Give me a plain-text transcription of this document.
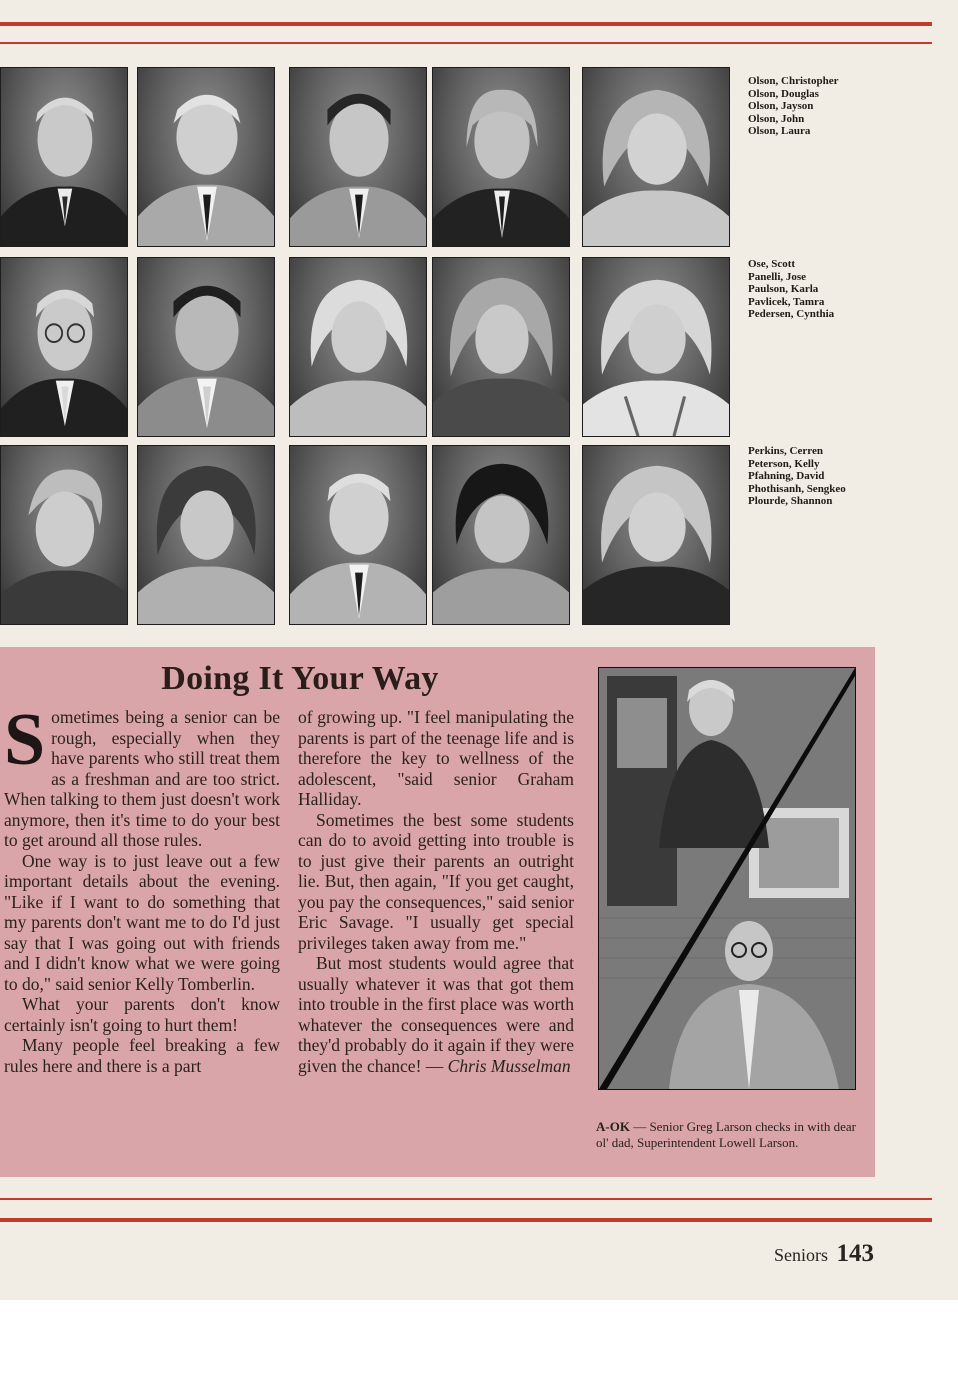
Olson, Christopher
Olson, Douglas
Olson, Jayson
Olson, John
Olson, Laura
Ose, Scott
Panelli, Jose
Paulson, Karla
Pavlicek, Tamra
Pedersen, Cynthia
Perkins, Cerren
Peterson, Kelly
Pfahning, David
Phothisanh, Sengkeo
Plourde, Shannon
Doing It Your Way

Sometimes being a senior can be rough, especially when they have parents who still treat them as a freshman and are too strict. When talking to them just doesn't work anymore, then it's time to do your best to get around all those rules.

One way is to just leave out a few important details about the evening. "Like if I want to do something that my parents don't want me to do I'd just say that I was going out with friends and I didn't know what we were going to do," said senior Kelly Tomberlin.

What your parents don't know certainly isn't going to hurt them!

Many people feel breaking a few rules here and there is a part

of growing up. "I feel manipulating the parents is part of the teenage life and is therefore the key to wellness of the adolescent, "said senior Graham Halliday.

Sometimes the best some students can do to avoid getting into trouble is to just give their parents an outright lie. But, then again, "If you get caught, you pay the consequences," said senior Eric Savage. "I usually get special privileges taken away from me."

But most students would agree that usually whatever it was that got them into trouble in the first place was worth whatever the consequences were and they'd probably do it again if they were given the chance! — Chris Musselman

A-OK — Senior Greg Larson checks in with dear ol' dad, Superintendent Lowell Larson.
Seniors 143
